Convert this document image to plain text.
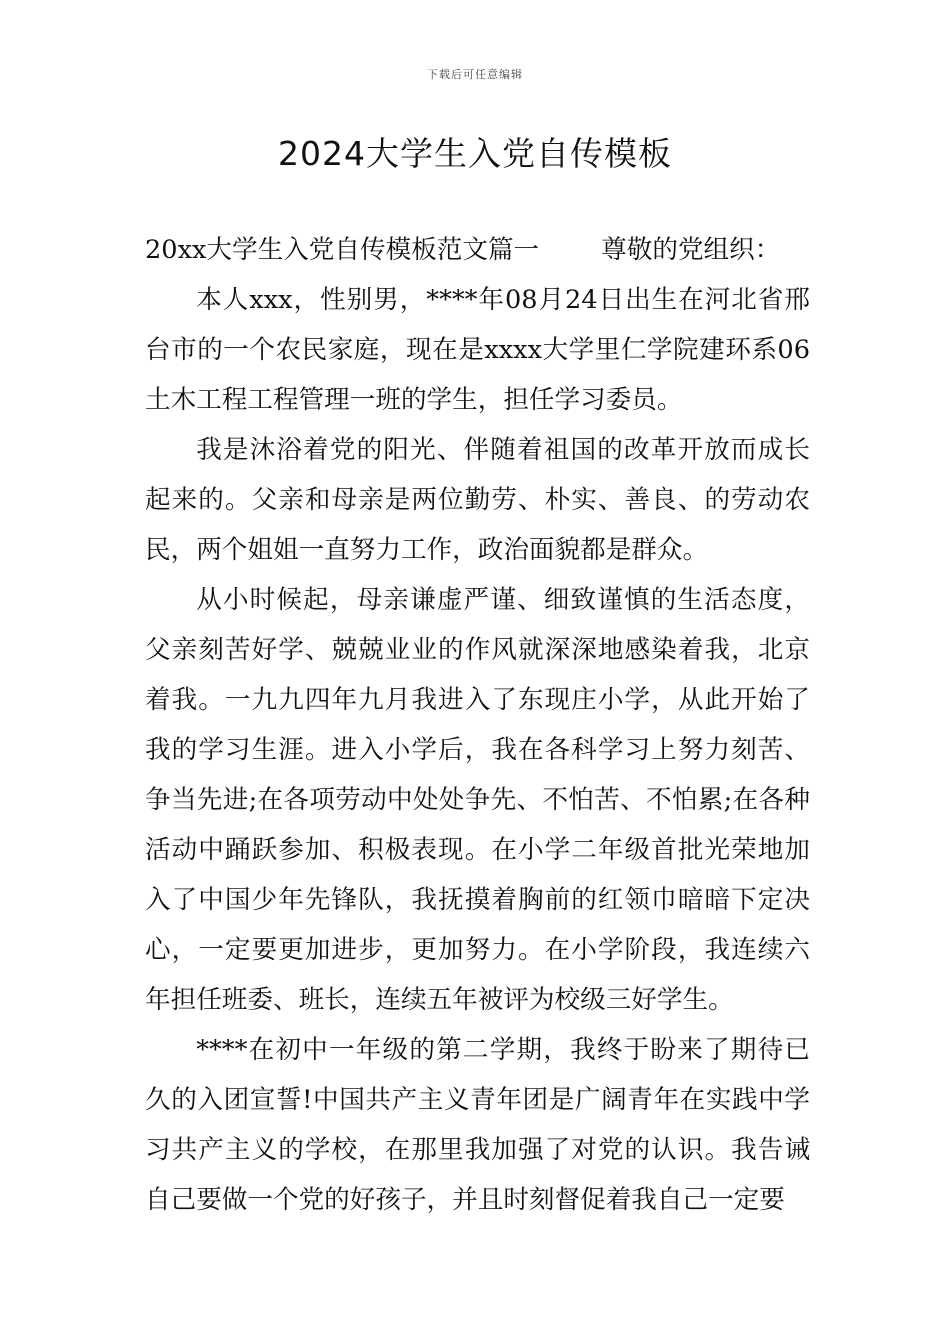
下载后可任意编辑
2024大学生入党自传模板

20xx大学生入党自传模板范文篇一 尊敬的党组织：

本人xxx，性别男，****年08月24日出生在河北省邢台市的一个农民家庭，现在是xxxx大学里仁学院建环系06土木工程工程管理一班的学生，担任学习委员。

我是沐浴着党的阳光、伴随着祖国的改革开放而成长起来的。父亲和母亲是两位勤劳、朴实、善良、的劳动农民，两个姐姐一直努力工作，政治面貌都是群众。

从小时候起，母亲谦虚严谨、细致谨慎的生活态度，父亲刻苦好学、兢兢业业的作风就深深地感染着我，北京着我。一九九四年九月我进入了东现庄小学，从此开始了我的学习生涯。进入小学后，我在各科学习上努力刻苦、争当先进;在各项劳动中处处争先、不怕苦、不怕累;在各种活动中踊跃参加、积极表现。在小学二年级首批光荣地加入了中国少年先锋队，我抚摸着胸前的红领巾暗暗下定决心，一定要更加进步，更加努力。在小学阶段，我连续六年担任班委、班长，连续五年被评为校级三好学生。

****在初中一年级的第二学期，我终于盼来了期待已久的入团宣誓!中国共产主义青年团是广阔青年在实践中学习共产主义的学校，在那里我加强了对党的认识。我告诫自己要做一个党的好孩子，并且时刻督促着我自己一定要
